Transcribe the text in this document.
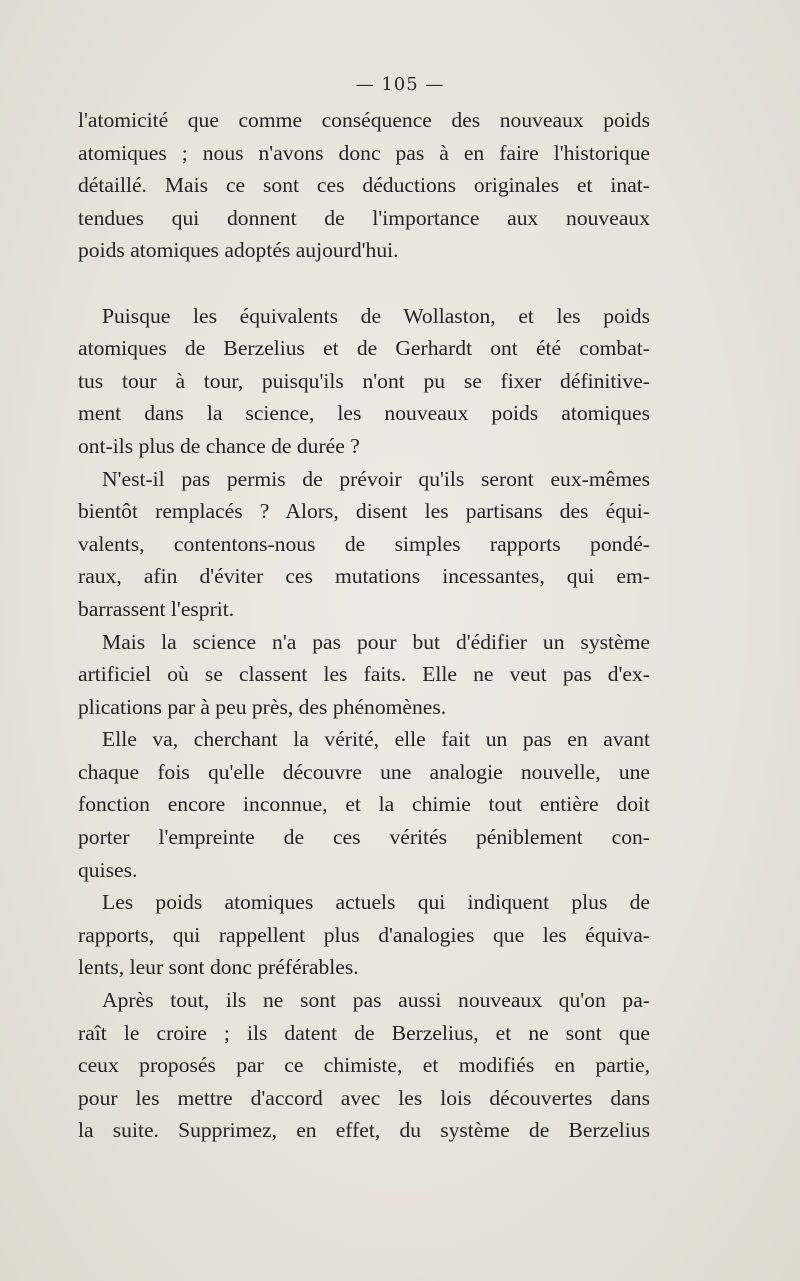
— 105 —
l'atomicité que comme conséquence des nouveaux poids
atomiques ; nous n'avons donc pas à en faire l'historique
détaillé. Mais ce sont ces déductions originales et inat-
tendues qui donnent de l'importance aux nouveaux
poids atomiques adoptés aujourd'hui.
Puisque les équivalents de Wollaston, et les poids
atomiques de Berzelius et de Gerhardt ont été combat-
tus tour à tour, puisqu'ils n'ont pu se fixer définitive-
ment dans la science, les nouveaux poids atomiques
ont-ils plus de chance de durée ?
N'est-il pas permis de prévoir qu'ils seront eux-mêmes
bientôt remplacés ? Alors, disent les partisans des équi-
valents, contentons-nous de simples rapports pondé-
raux, afin d'éviter ces mutations incessantes, qui em-
barrassent l'esprit.
Mais la science n'a pas pour but d'édifier un système
artificiel où se classent les faits. Elle ne veut pas d'ex-
plications par à peu près, des phénomènes.
Elle va, cherchant la vérité, elle fait un pas en avant
chaque fois qu'elle découvre une analogie nouvelle, une
fonction encore inconnue, et la chimie tout entière doit
porter l'empreinte de ces vérités péniblement con-
quises.
Les poids atomiques actuels qui indiquent plus de
rapports, qui rappellent plus d'analogies que les équiva-
lents, leur sont donc préférables.
Après tout, ils ne sont pas aussi nouveaux qu'on pa-
raît le croire ; ils datent de Berzelius, et ne sont que
ceux proposés par ce chimiste, et modifiés en partie,
pour les mettre d'accord avec les lois découvertes dans
la suite. Supprimez, en effet, du système de Berzelius
